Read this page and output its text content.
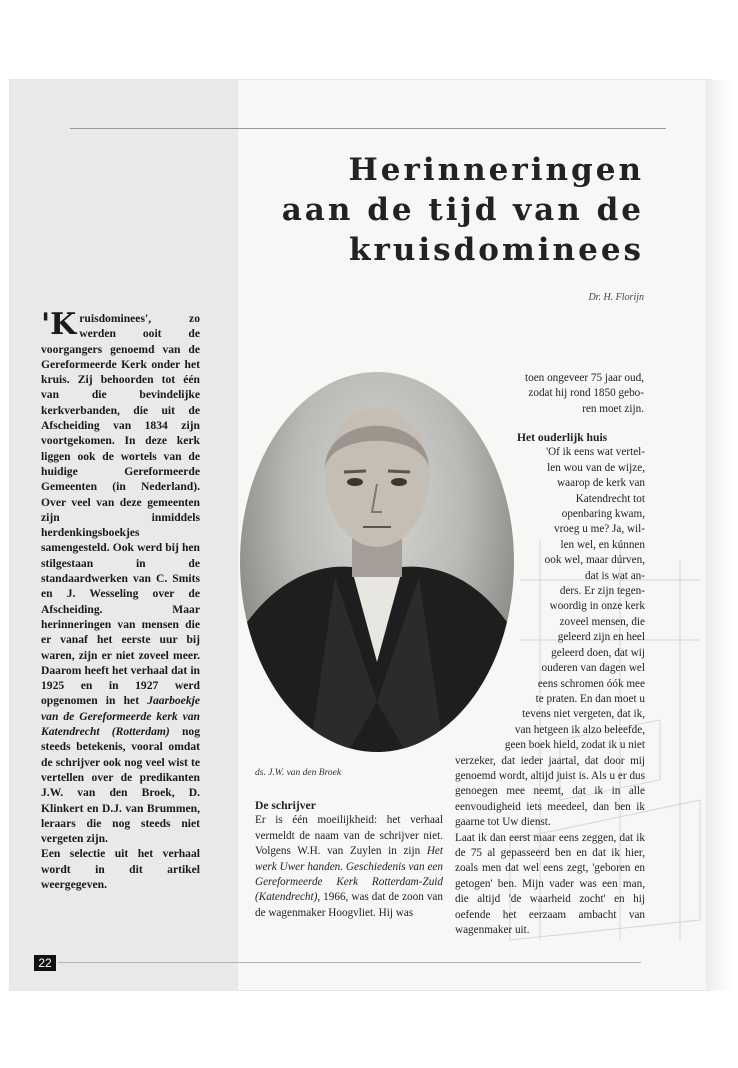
Herinneringen
aan de tijd van de
kruisdominees
Dr. H. Florijn

'Kruisdominees', zo werden ooit de voorgangers genoemd van de Gereformeerde Kerk onder het kruis. Zij behoorden tot één van die bevindelijke kerkverbanden, die uit de Afscheiding van 1834 zijn voortgekomen. In deze kerk liggen ook de wortels van de huidige Gereformeerde Gemeenten (in Nederland). Over veel van deze gemeenten zijn inmiddels herdenkingsboekjes samengesteld. Ook werd bij hen stilgestaan in de standaardwerken van C. Smits en J. Wesseling over de Afscheiding. Maar herinneringen van mensen die er vanaf het eerste uur bij waren, zijn er niet zoveel meer. Daarom heeft het verhaal dat in 1925 en in 1927 werd opgenomen in het Jaarboekje van de Gereformeerde kerk van Katendrecht (Rotterdam) nog steeds betekenis, vooral omdat de schrijver ook nog veel wist te vertellen over de predikanten J.W. van den Broek, D. Klinkert en D.J. van Brummen, leraars die nog steeds niet vergeten zijn.

Een selectie uit het verhaal wordt in dit artikel weergegeven.

ds. J.W. van den Broek
De schrijver

Er is één moeilijkheid: het verhaal vermeldt de naam van de schrijver niet. Volgens W.H. van Zuylen in zijn Het werk Uwer handen. Geschiedenis van een Gereformeerde Kerk Rotterdam-Zuid (Katendrecht), 1966, was dat de zoon van de wagenmaker Hoogvliet. Hij was

toen ongeveer 75 jaar oud,
zodat hij rond 1850 gebo-
ren moet zijn.
Het ouderlijk huis
'Of ik eens wat vertel-
len wou van de wijze,
waarop de kerk van
Katendrecht tot
openbaring kwam,
vroeg u me? Ja, wil-
len wel, en kúnnen
ook wel, maar dúrven,
dat is wat an-
ders. Er zijn tegen-
woordig in onze kerk
zoveel mensen, die
geleerd zijn en heel
geleerd doen, dat wij
ouderen van dagen wel
eens schromen óók mee
te praten. En dan moet u
tevens niet vergeten, dat ik,
van hetgeen ik alzo beleefde,
geen boek hield, zodat ik u niet
verzeker, dat ieder jaartal, dat door mij genoemd wordt, altijd juist is. Als u er dus genoegen mee neemt, dat ik in alle eenvoudigheid iets meedeel, dan ben ik gaarne tot Uw dienst.
Laat ik dan eerst maar eens zeggen, dat ik de 75 al gepasseerd ben en dat ik hier, zoals men dat wel eens zegt, 'geboren en getogen' ben. Mijn vader was een man, die altijd 'de waarheid zocht' en hij oefende het eerzaam ambacht van wagenmaker uit.
22
